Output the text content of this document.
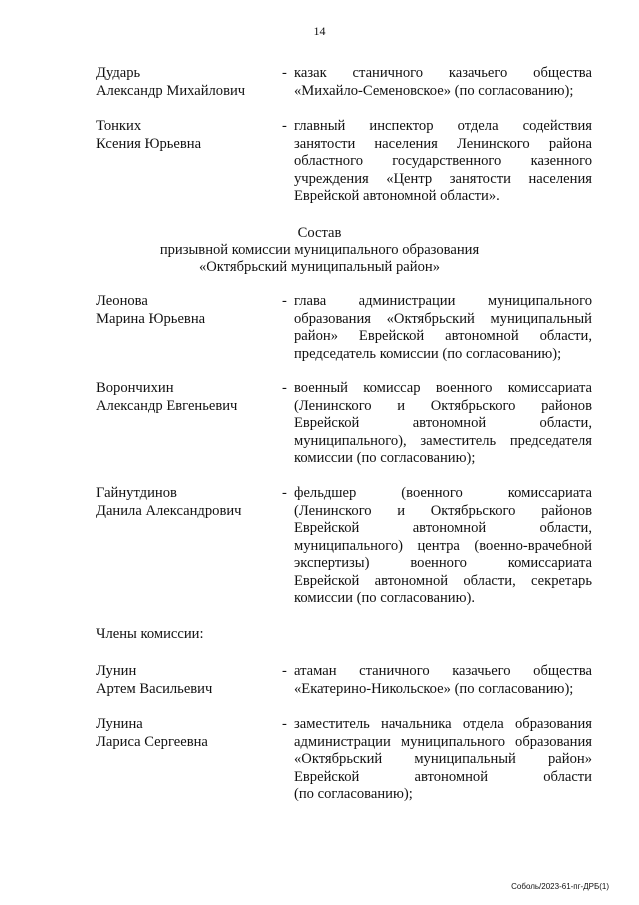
14
Дударь
Александр Михайлович
- казак станичного казачьего общества
«Михайло-Семеновское» (по согласованию);
Тонких
Ксения Юрьевна
- главный инспектор отдела содействия
занятости населения Ленинского района
областного государственного казенного
учреждения «Центр занятости населения
Еврейской автономной области».
Состав
призывной комиссии муниципального образования
«Октябрьский муниципальный район»
Леонова
Марина Юрьевна
- глава администрации муниципального
образования «Октябрьский муниципальный
район» Еврейской автономной области,
председатель комиссии (по согласованию);
Ворончихин
Александр Евгеньевич
- военный комиссар военного комиссариата
(Ленинского и Октябрьского районов
Еврейской автономной области,
муниципального), заместитель председателя
комиссии (по согласованию);
Гайнутдинов
Данила Александрович
- фельдшер (военного комиссариата
(Ленинского и Октябрьского районов
Еврейской автономной области,
муниципального) центра (военно-врачебной
экспертизы) военного комиссариата
Еврейской автономной области, секретарь
комиссии (по согласованию).
Члены комиссии:
Лунин
Артем Васильевич
- атаман станичного казачьего общества
«Екатерино-Никольское» (по согласованию);
Лунина
Лариса Сергеевна
- заместитель начальника отдела образования
администрации муниципального образования
«Октябрьский муниципальный район»
Еврейской автономной области
(по согласованию);
Соболь/2023-61-пг-ДРБ(1)
